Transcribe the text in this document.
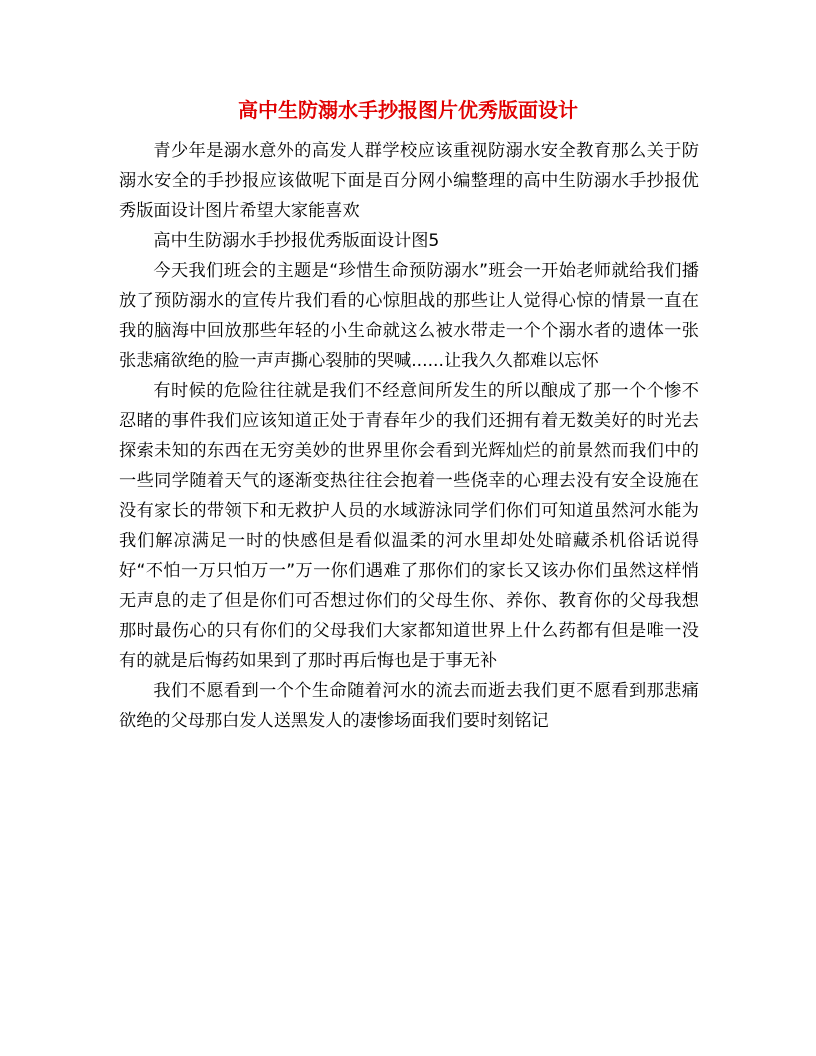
高中生防溺水手抄报图片优秀版面设计

青少年是溺水意外的高发人群学校应该重视防溺水安全教育那么关于防溺水安全的手抄报应该做呢下面是百分网小编整理的高中生防溺水手抄报优秀版面设计图片希望大家能喜欢

高中生防溺水手抄报优秀版面设计图5

今天我们班会的主题是“珍惜生命预防溺水”班会一开始老师就给我们播放了预防溺水的宣传片我们看的心惊胆战的那些让人觉得心惊的情景一直在我的脑海中回放那些年轻的小生命就这么被水带走一个个溺水者的遗体一张张悲痛欲绝的脸一声声撕心裂肺的哭喊......让我久久都难以忘怀

有时候的危险往往就是我们不经意间所发生的所以酿成了那一个个惨不忍睹的事件我们应该知道正处于青春年少的我们还拥有着无数美好的时光去探索未知的东西在无穷美妙的世界里你会看到光辉灿烂的前景然而我们中的一些同学随着天气的逐渐变热往往会抱着一些侥幸的心理去没有安全设施在没有家长的带领下和无救护人员的水域游泳同学们你们可知道虽然河水能为我们解凉满足一时的快感但是看似温柔的河水里却处处暗藏杀机俗话说得好“不怕一万只怕万一”万一你们遇难了那你们的家长又该办你们虽然这样悄无声息的走了但是你们可否想过你们的父母生你、养你、教育你的父母我想那时最伤心的只有你们的父母我们大家都知道世界上什么药都有但是唯一没有的就是后悔药如果到了那时再后悔也是于事无补

我们不愿看到一个个生命随着河水的流去而逝去我们更不愿看到那悲痛欲绝的父母那白发人送黑发人的凄惨场面我们要时刻铭记
